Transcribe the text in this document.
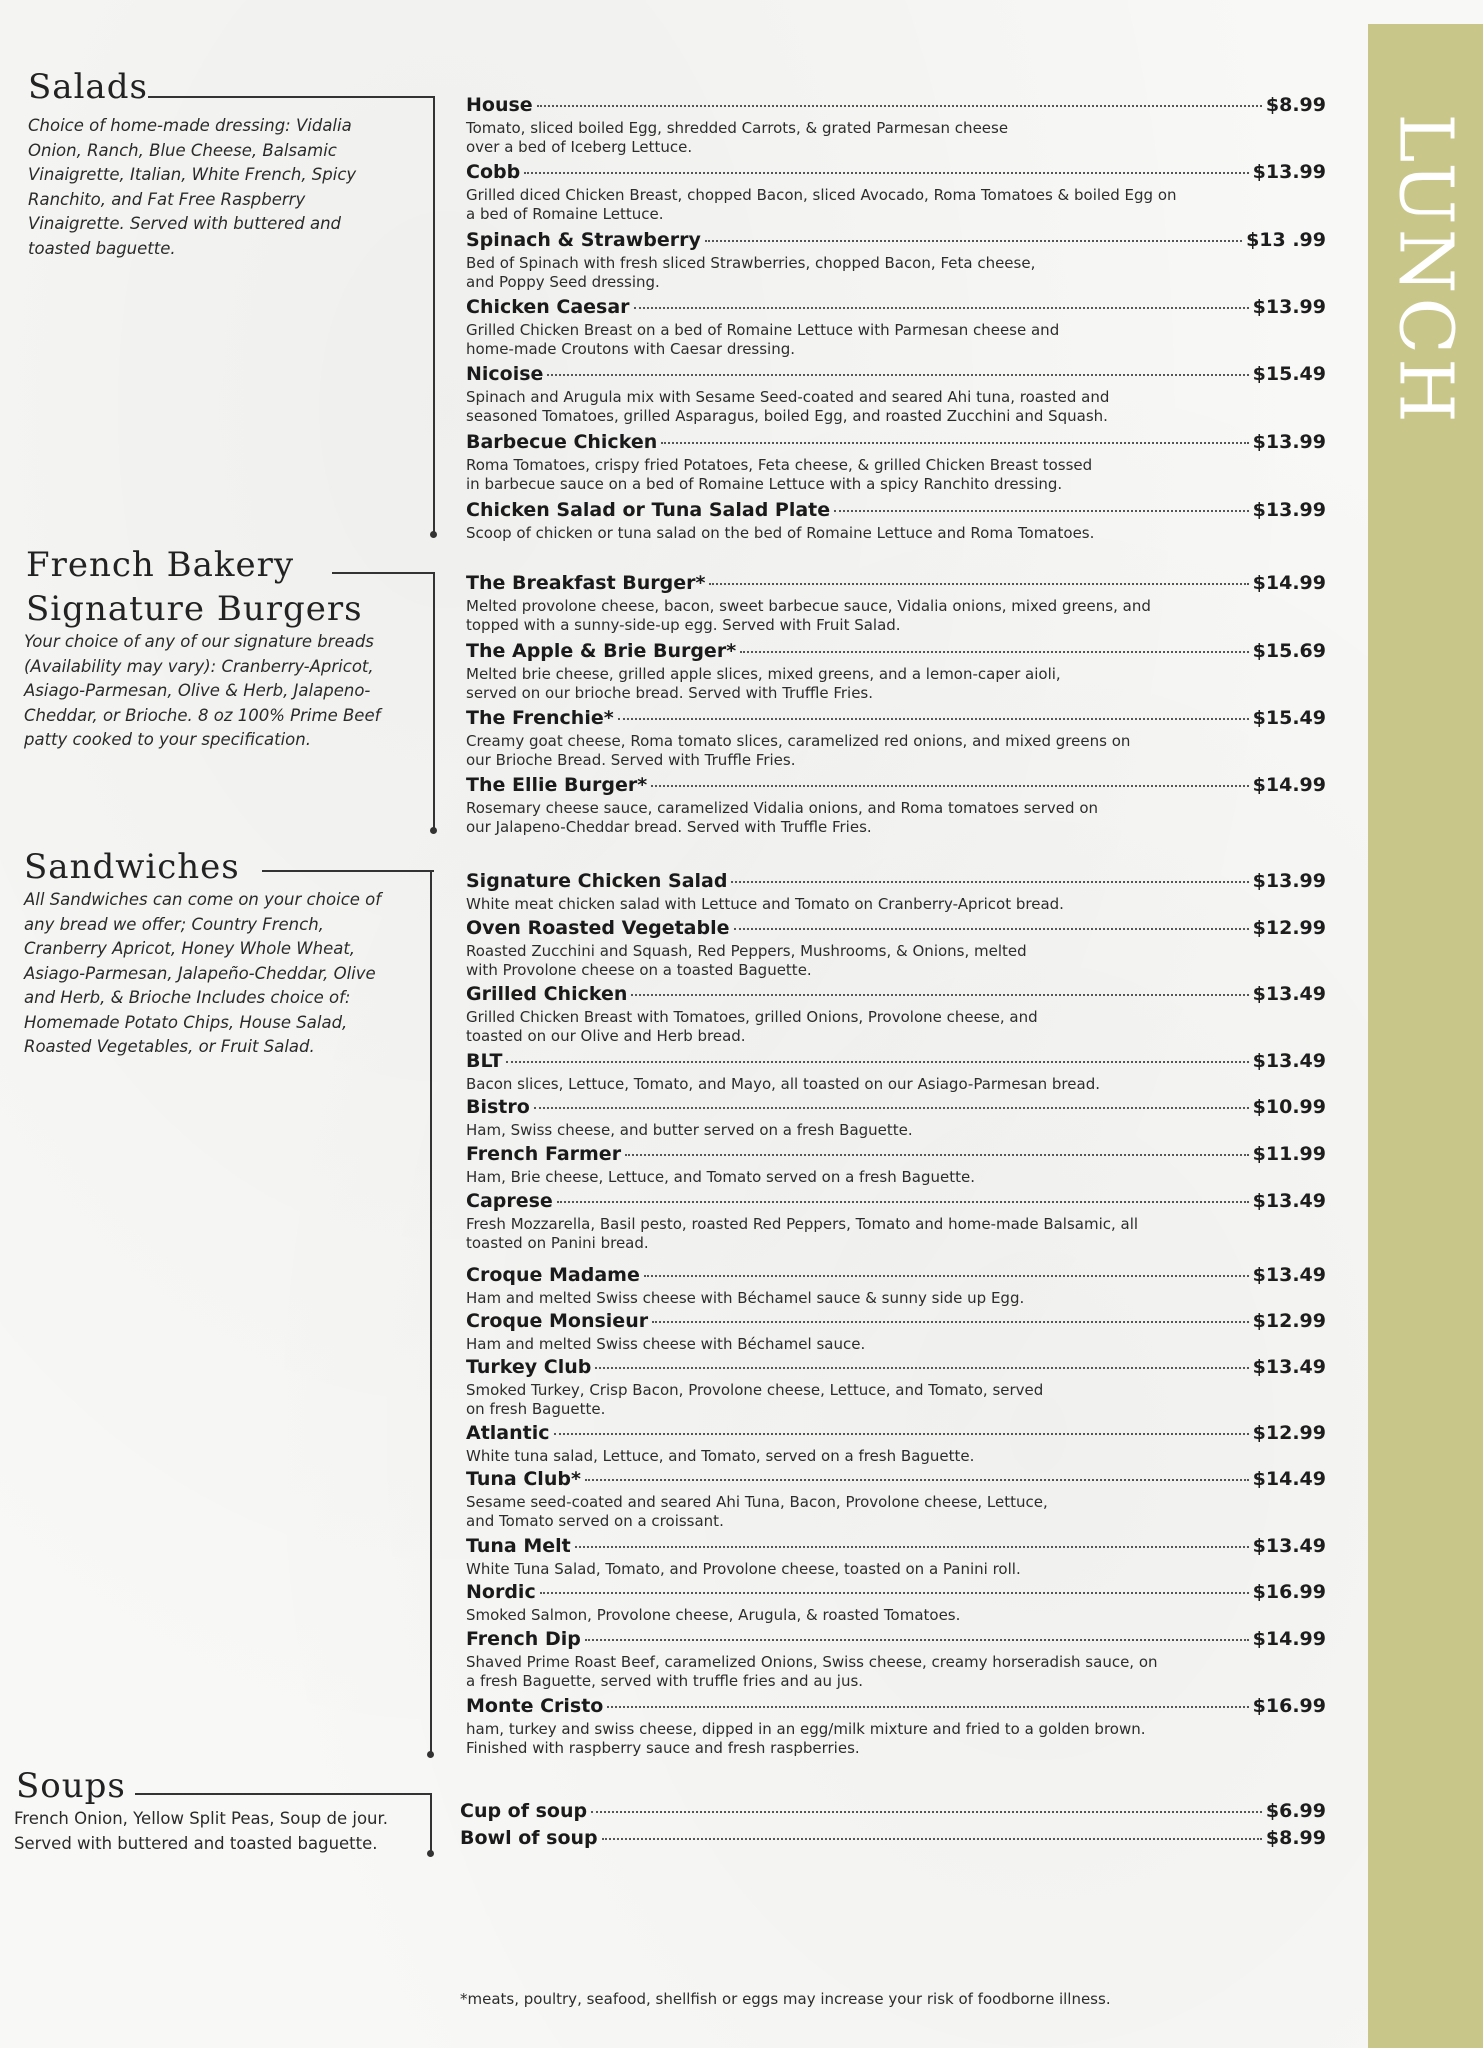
LUNCH
Salads
Choice of home-made dressing: Vidalia Onion, Ranch, Blue Cheese, Balsamic Vinaigrette, Italian, White French, Spicy Ranchito, and Fat Free Raspberry Vinaigrette. Served with buttered and toasted baguette.
House	$8.99
Tomato, sliced boiled Egg, shredded Carrots, & grated Parmesan cheese over a bed of Iceberg Lettuce.
Cobb	$13.99
Grilled diced Chicken Breast, chopped Bacon, sliced Avocado, Roma Tomatoes & boiled Egg on a bed of Romaine Lettuce.
Spinach & Strawberry	$13 .99
Bed of Spinach with fresh sliced Strawberries, chopped Bacon, Feta cheese, and Poppy Seed dressing.
Chicken Caesar	$13.99
Grilled Chicken Breast on a bed of Romaine Lettuce with Parmesan cheese and home-made Croutons with Caesar dressing.
Nicoise	$15.49
Spinach and Arugula mix with Sesame Seed-coated and seared Ahi tuna, roasted and seasoned Tomatoes, grilled Asparagus, boiled Egg, and roasted Zucchini and Squash.
Barbecue Chicken	$13.99
Roma Tomatoes, crispy fried Potatoes, Feta cheese, & grilled Chicken Breast tossed in barbecue sauce on a bed of Romaine Lettuce with a spicy Ranchito dressing.
Chicken Salad or Tuna Salad Plate	$13.99
Scoop of chicken or tuna salad on the bed of Romaine Lettuce and Roma Tomatoes.
French Bakery
Signature Burgers
Your choice of any of our signature breads (Availability may vary): Cranberry-Apricot, Asiago-Parmesan, Olive & Herb, Jalapeno-Cheddar, or Brioche. 8 oz 100% Prime Beef patty cooked to your specification.
The Breakfast Burger*	$14.99
Melted provolone cheese, bacon, sweet barbecue sauce, Vidalia onions, mixed greens, and topped with a sunny-side-up egg. Served with Fruit Salad.
The Apple & Brie Burger*	$15.69
Melted brie cheese, grilled apple slices, mixed greens, and a lemon-caper aioli, served on our brioche bread. Served with Truffle Fries.
The Frenchie*	$15.49
Creamy goat cheese, Roma tomato slices, caramelized red onions, and mixed greens on our Brioche Bread. Served with Truffle Fries.
The Ellie Burger*	$14.99
Rosemary cheese sauce, caramelized Vidalia onions, and Roma tomatoes served on our Jalapeno-Cheddar bread. Served with Truffle Fries.
Sandwiches
All Sandwiches can come on your choice of any bread we offer; Country French, Cranberry Apricot, Honey Whole Wheat, Asiago-Parmesan, Jalapeño-Cheddar, Olive and Herb, & Brioche Includes choice of: Homemade Potato Chips, House Salad, Roasted Vegetables, or Fruit Salad.
Signature Chicken Salad	$13.99
White meat chicken salad with Lettuce and Tomato on Cranberry-Apricot bread.
Oven Roasted Vegetable	$12.99
Roasted Zucchini and Squash, Red Peppers, Mushrooms, & Onions, melted with Provolone cheese on a toasted Baguette.
Grilled Chicken	$13.49
Grilled Chicken Breast with Tomatoes, grilled Onions, Provolone cheese, and toasted on our Olive and Herb bread.
BLT	$13.49
Bacon slices, Lettuce, Tomato, and Mayo, all toasted on our Asiago-Parmesan bread.
Bistro	$10.99
Ham, Swiss cheese, and butter served on a fresh Baguette.
French Farmer	$11.99
Ham, Brie cheese, Lettuce, and Tomato served on a fresh Baguette.
Caprese	$13.49
Fresh Mozzarella, Basil pesto, roasted Red Peppers, Tomato and home-made Balsamic, all toasted on Panini bread.
Croque Madame	$13.49
Ham and melted Swiss cheese with Béchamel sauce & sunny side up Egg.
Croque Monsieur	$12.99
Ham and melted Swiss cheese with Béchamel sauce.
Turkey Club	$13.49
Smoked Turkey, Crisp Bacon, Provolone cheese, Lettuce, and Tomato, served on fresh Baguette.
Atlantic	$12.99
White tuna salad, Lettuce, and Tomato, served on a fresh Baguette.
Tuna Club*	$14.49
Sesame seed-coated and seared Ahi Tuna, Bacon, Provolone cheese, Lettuce, and Tomato served on a croissant.
Tuna Melt	$13.49
White Tuna Salad, Tomato, and Provolone cheese, toasted on a Panini roll.
Nordic	$16.99
Smoked Salmon, Provolone cheese, Arugula, & roasted Tomatoes.
French Dip	$14.99
Shaved Prime Roast Beef, caramelized Onions, Swiss cheese, creamy horseradish sauce, on a fresh Baguette, served with truffle fries and au jus.
Monte Cristo	$16.99
ham, turkey and swiss cheese, dipped in an egg/milk mixture and fried to a golden brown. Finished with raspberry sauce and fresh raspberries.
Soups
French Onion, Yellow Split Peas, Soup de jour. Served with buttered and toasted baguette.
Cup of soup	$6.99
Bowl of soup	$8.99
*meats, poultry, seafood, shellfish or eggs may increase your risk of foodborne illness.
